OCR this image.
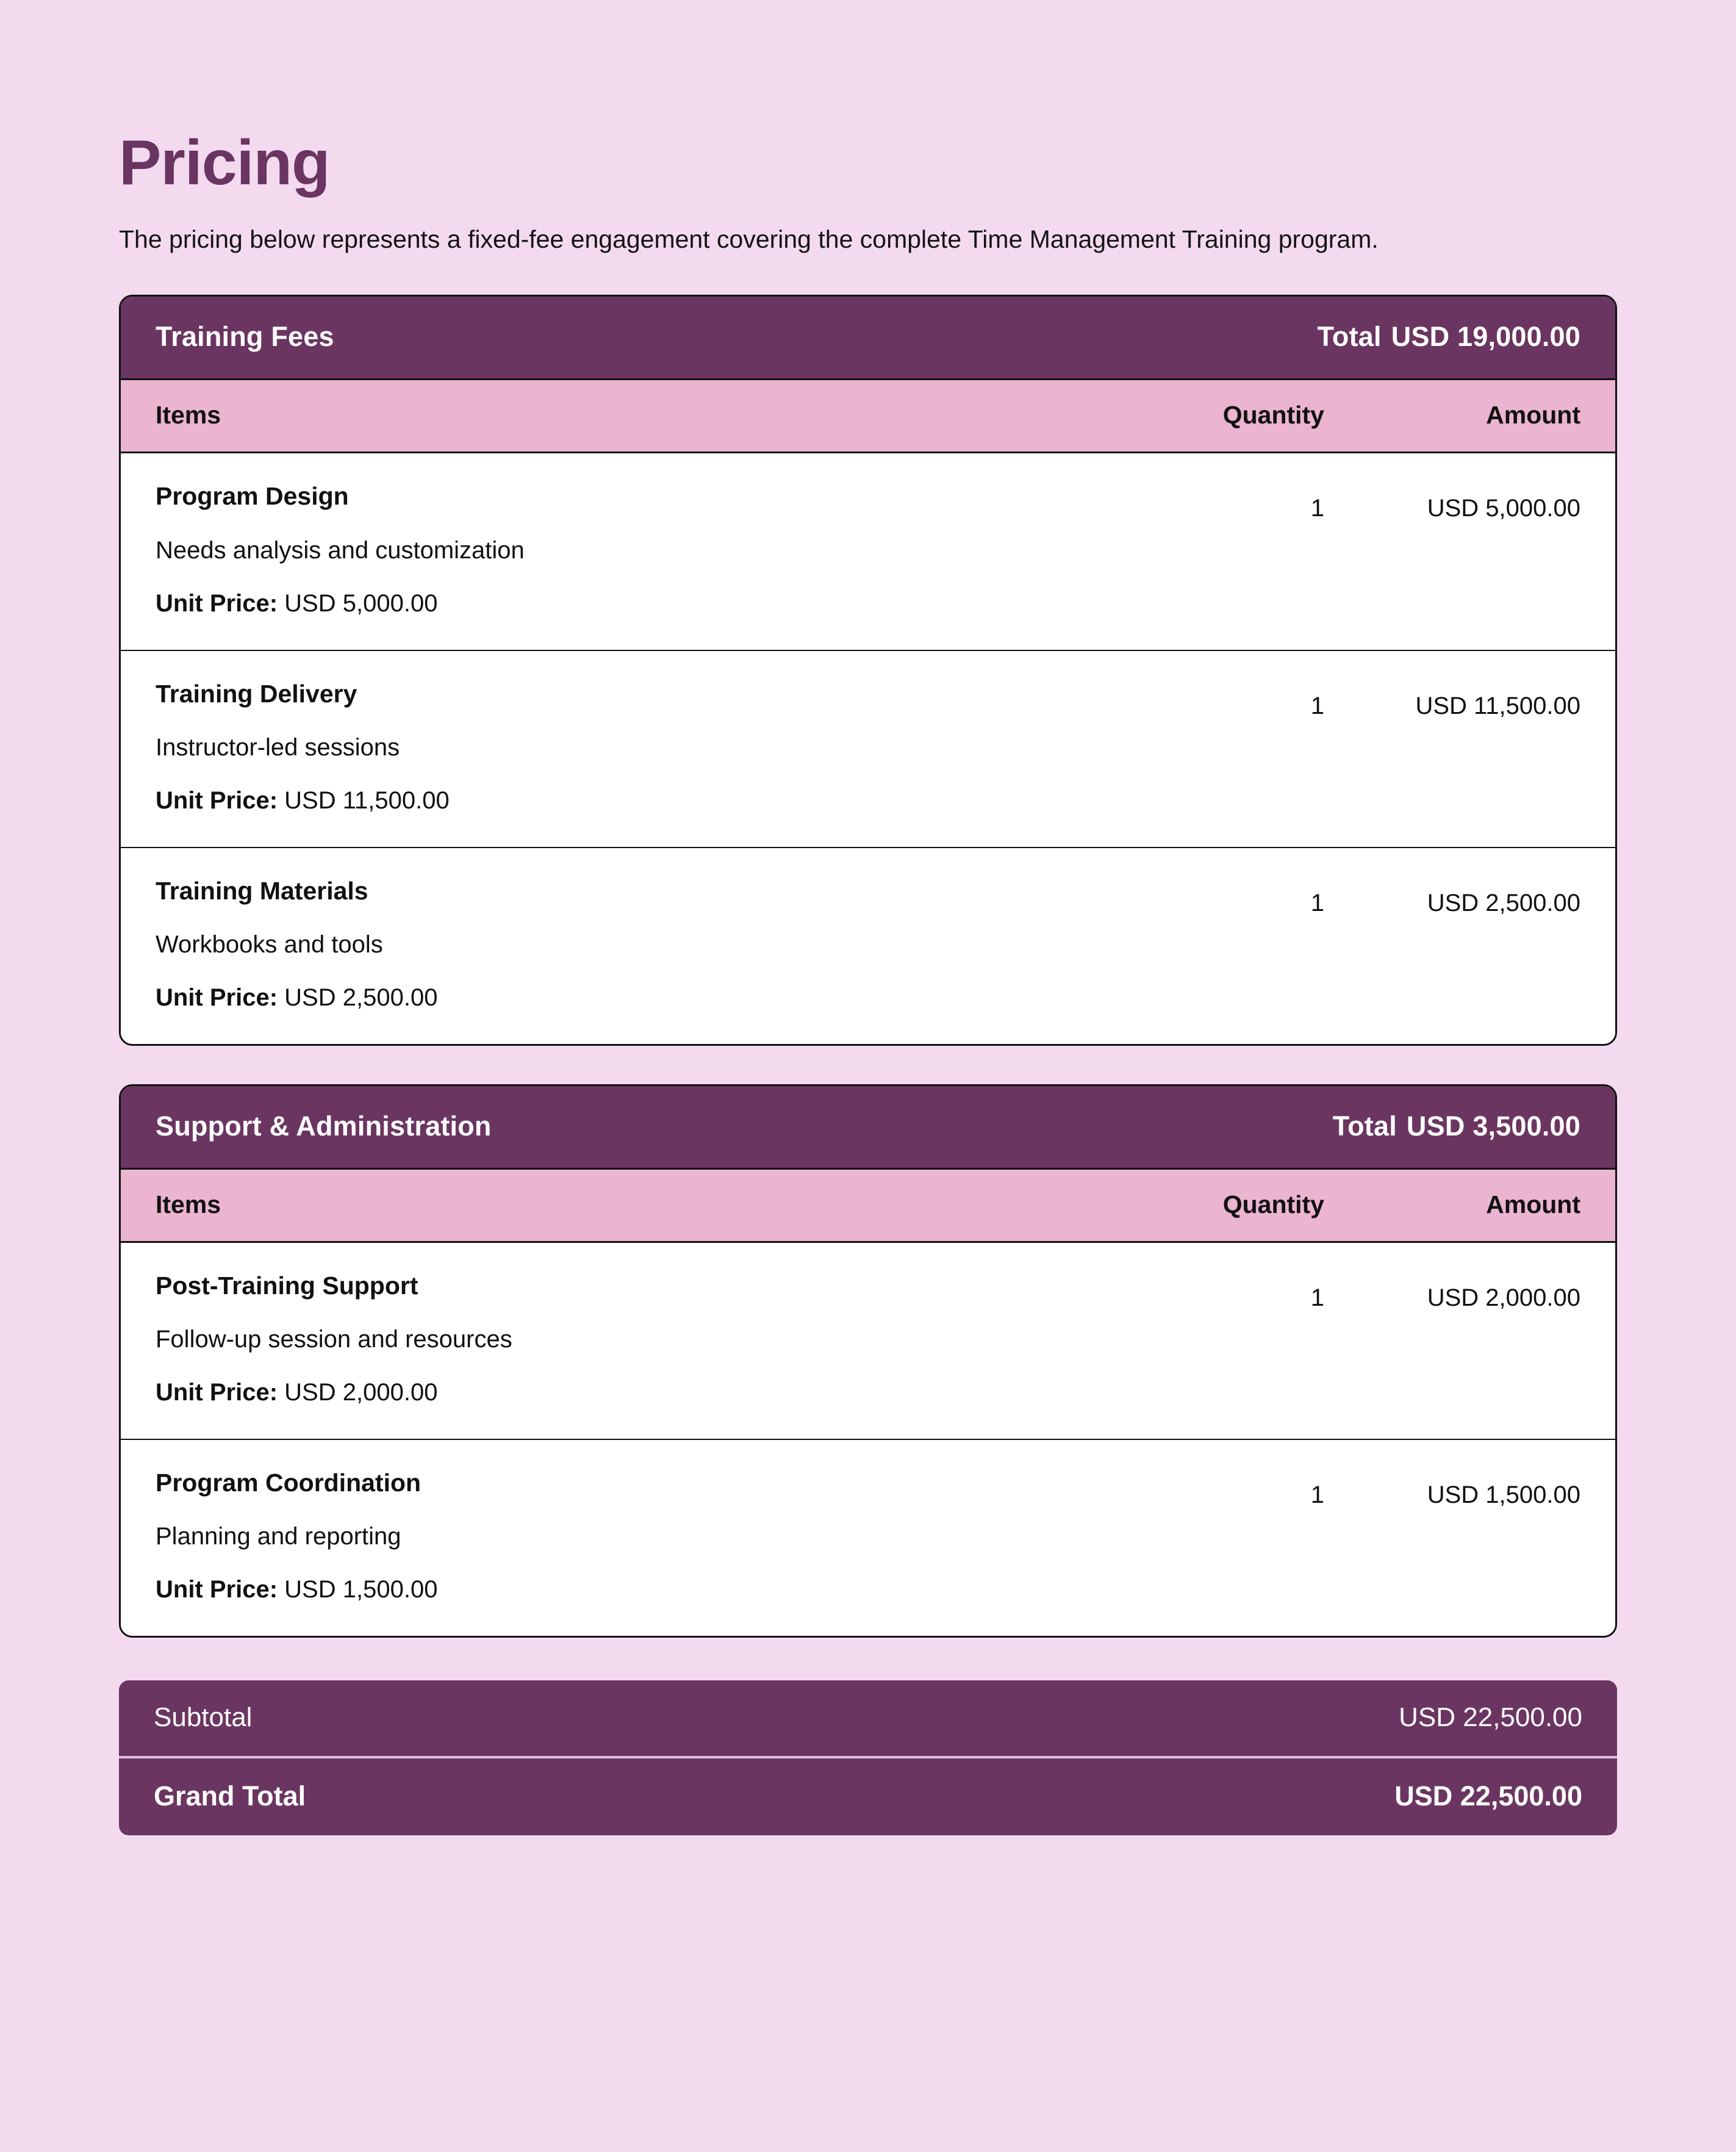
Pricing

The pricing below represents a fixed-fee engagement covering the complete Time Management Training program.

Training Fees	Total USD 19,000.00
Items	Quantity	Amount
Program Design
Needs analysis and customization
Unit Price: USD 5,000.00
1	USD 5,000.00
Training Delivery
Instructor-led sessions
Unit Price: USD 11,500.00
1	USD 11,500.00
Training Materials
Workbooks and tools
Unit Price: USD 2,500.00
1	USD 2,500.00
Support & Administration	Total USD 3,500.00
Items	Quantity	Amount
Post-Training Support
Follow-up session and resources
Unit Price: USD 2,000.00
1	USD 2,000.00
Program Coordination
Planning and reporting
Unit Price: USD 1,500.00
1	USD 1,500.00
Subtotal	USD 22,500.00
Grand Total	USD 22,500.00
